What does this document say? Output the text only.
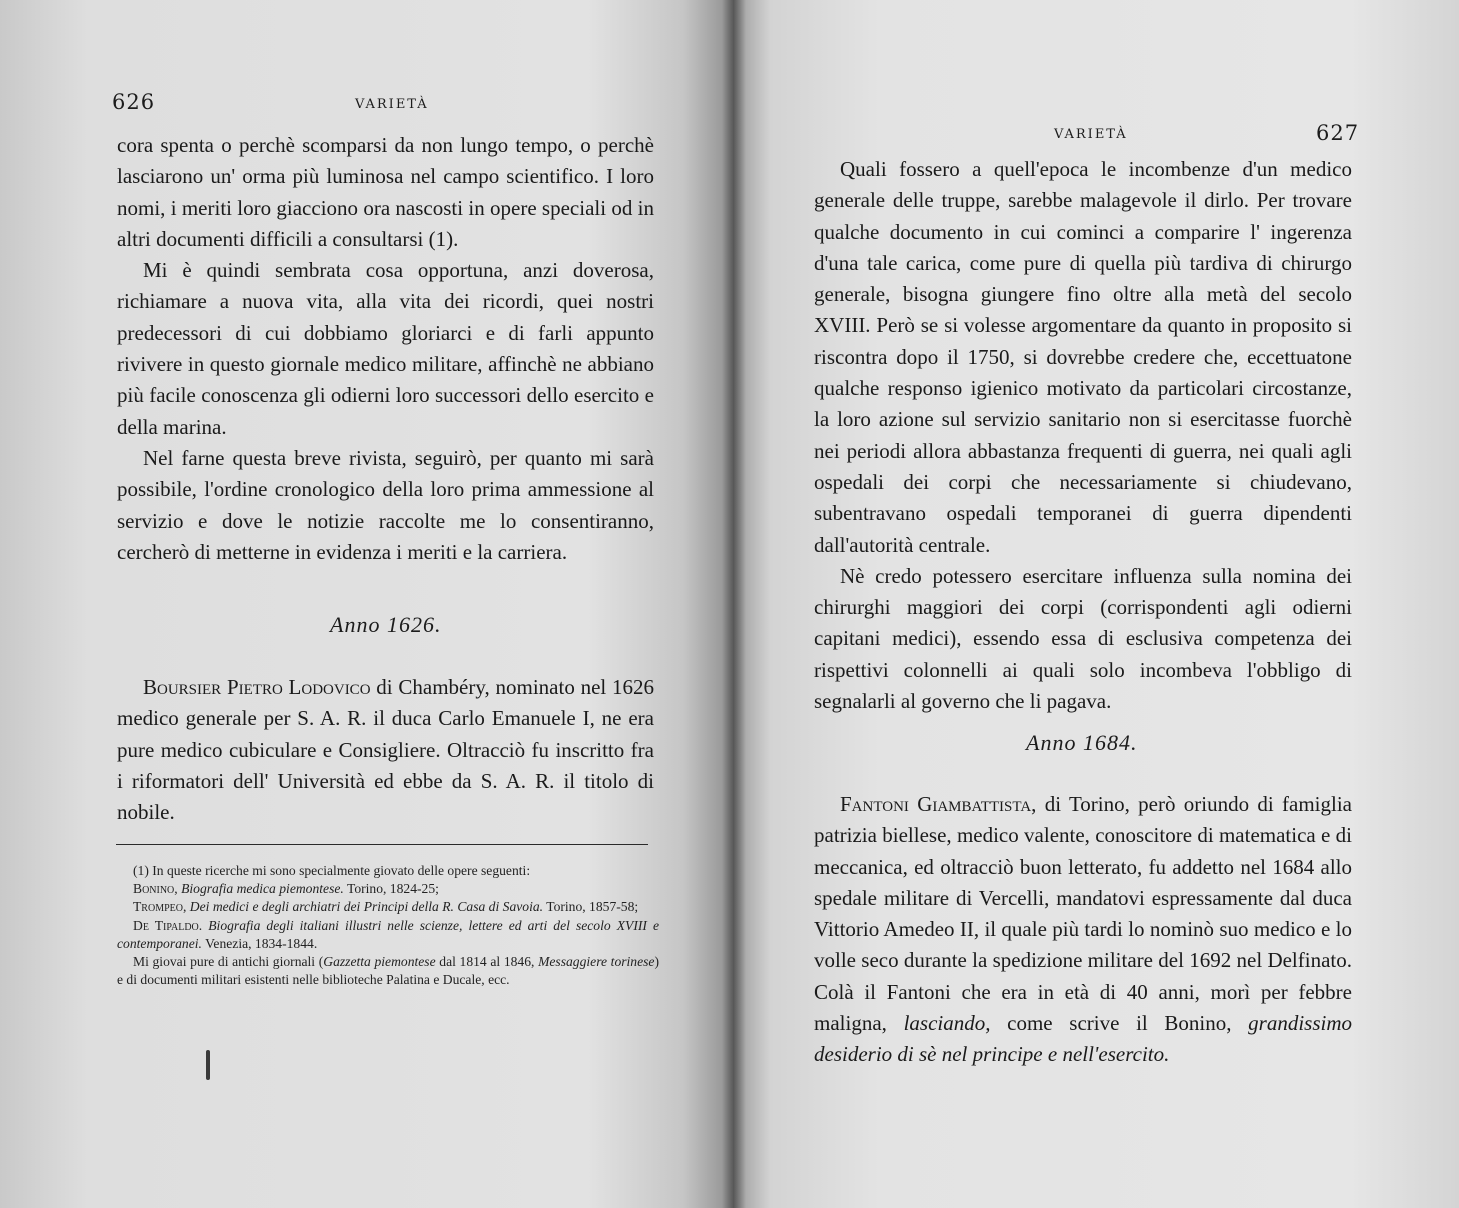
626	VARIETÀ

cora spenta o perchè scomparsi da non lungo tempo, o perchè lasciarono un' orma più luminosa nel campo scientifico. I loro nomi, i meriti loro giacciono ora nascosti in opere speciali od in altri documenti difficili a consultarsi (1).

Mi è quindi sembrata cosa opportuna, anzi doverosa, richiamare a nuova vita, alla vita dei ricordi, quei nostri predecessori di cui dobbiamo gloriarci e di farli appunto rivivere in questo giornale medico militare, affinchè ne abbiano più facile conoscenza gli odierni loro successori dello esercito e della marina.

Nel farne questa breve rivista, seguirò, per quanto mi sarà possibile, l'ordine cronologico della loro prima ammessione al servizio e dove le notizie raccolte me lo consentiranno, cercherò di metterne in evidenza i meriti e la carriera.

Anno 1626.

Boursier Pietro Lodovico di Chambéry, nominato nel 1626 medico generale per S. A. R. il duca Carlo Emanuele I, ne era pure medico cubiculare e Consigliere. Oltracciò fu inscritto fra i riformatori dell' Università ed ebbe da S. A. R. il titolo di nobile.

(1) In queste ricerche mi sono specialmente giovato delle opere seguenti:

Bonino, Biografia medica piemontese. Torino, 1824-25;

Trompeo, Dei medici e degli archiatri dei Principi della R. Casa di Savoia. Torino, 1857-58;

De Tipaldo. Biografia degli italiani illustri nelle scienze, lettere ed arti del secolo XVIII e contemporanei. Venezia, 1834-1844.

Mi giovai pure di antichi giornali (Gazzetta piemontese dal 1814 al 1846, Messaggiere torinese) e di documenti militari esistenti nelle biblioteche Palatina e Ducale, ecc.

VARIETÀ	627

Quali fossero a quell'epoca le incombenze d'un medico generale delle truppe, sarebbe malagevole il dirlo. Per trovare qualche documento in cui cominci a comparire l' ingerenza d'una tale carica, come pure di quella più tardiva di chirurgo generale, bisogna giungere fino oltre alla metà del secolo XVIII. Però se si volesse argomentare da quanto in proposito si riscontra dopo il 1750, si dovrebbe credere che, eccettuatone qualche responso igienico motivato da particolari circostanze, la loro azione sul servizio sanitario non si esercitasse fuorchè nei periodi allora abbastanza frequenti di guerra, nei quali agli ospedali dei corpi che necessariamente si chiudevano, subentravano ospedali temporanei di guerra dipendenti dall'autorità centrale.

Nè credo potessero esercitare influenza sulla nomina dei chirurghi maggiori dei corpi (corrispondenti agli odierni capitani medici), essendo essa di esclusiva competenza dei rispettivi colonnelli ai quali solo incombeva l'obbligo di segnalarli al governo che li pagava.

Anno 1684.

Fantoni Giambattista, di Torino, però oriundo di famiglia patrizia biellese, medico valente, conoscitore di matematica e di meccanica, ed oltracciò buon letterato, fu addetto nel 1684 allo spedale militare di Vercelli, mandatovi espressamente dal duca Vittorio Amedeo II, il quale più tardi lo nominò suo medico e lo volle seco durante la spedizione militare del 1692 nel Delfinato. Colà il Fantoni che era in età di 40 anni, morì per febbre maligna, lasciando, come scrive il Bonino, grandissimo desiderio di sè nel principe e nell'esercito.
